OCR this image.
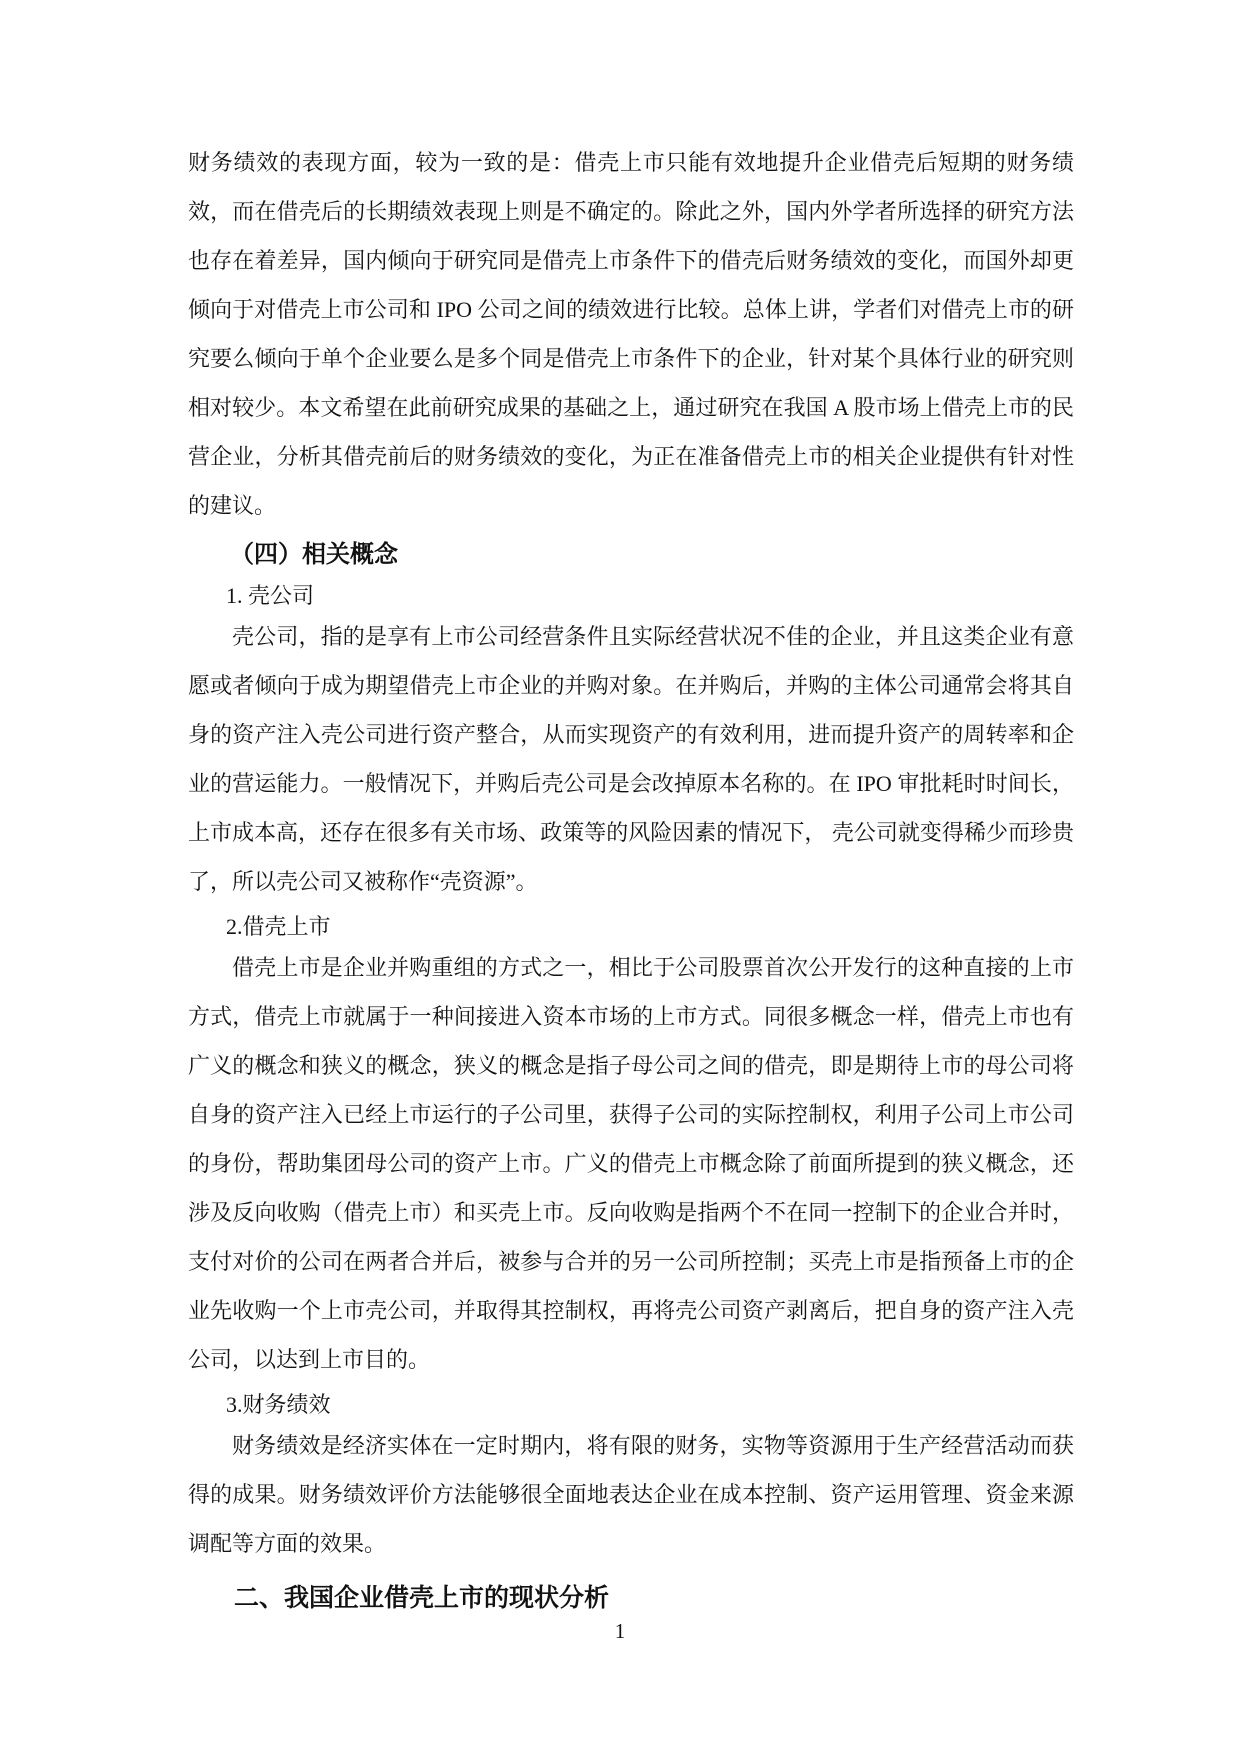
财务绩效的表现方面，较为一致的是：借壳上市只能有效地提升企业借壳后短期的财务绩效，而在借壳后的长期绩效表现上则是不确定的。除此之外，国内外学者所选择的研究方法也存在着差异，国内倾向于研究同是借壳上市条件下的借壳后财务绩效的变化，而国外却更倾向于对借壳上市公司和 IPO 公司之间的绩效进行比较。总体上讲，学者们对借壳上市的研究要么倾向于单个企业要么是多个同是借壳上市条件下的企业，针对某个具体行业的研究则相对较少。本文希望在此前研究成果的基础之上，通过研究在我国 A 股市场上借壳上市的民营企业，分析其借壳前后的财务绩效的变化，为正在准备借壳上市的相关企业提供有针对性的建议。

（四）相关概念
1. 壳公司

壳公司，指的是享有上市公司经营条件且实际经营状况不佳的企业，并且这类企业有意愿或者倾向于成为期望借壳上市企业的并购对象。在并购后，并购的主体公司通常会将其自身的资产注入壳公司进行资产整合，从而实现资产的有效利用，进而提升资产的周转率和企业的营运能力。一般情况下，并购后壳公司是会改掉原本名称的。在 IPO 审批耗时时间长，上市成本高，还存在很多有关市场、政策等的风险因素的情况下， 壳公司就变得稀少而珍贵了，所以壳公司又被称作“壳资源”。

2.借壳上市

借壳上市是企业并购重组的方式之一，相比于公司股票首次公开发行的这种直接的上市方式，借壳上市就属于一种间接进入资本市场的上市方式。同很多概念一样，借壳上市也有广义的概念和狭义的概念，狭义的概念是指子母公司之间的借壳，即是期待上市的母公司将自身的资产注入已经上市运行的子公司里，获得子公司的实际控制权，利用子公司上市公司的身份，帮助集团母公司的资产上市。广义的借壳上市概念除了前面所提到的狭义概念，还涉及反向收购（借壳上市）和买壳上市。反向收购是指两个不在同一控制下的企业合并时，支付对价的公司在两者合并后，被参与合并的另一公司所控制；买壳上市是指预备上市的企业先收购一个上市壳公司，并取得其控制权，再将壳公司资产剥离后，把自身的资产注入壳公司，以达到上市目的。

3.财务绩效

财务绩效是经济实体在一定时期内，将有限的财务，实物等资源用于生产经营活动而获得的成果。财务绩效评价方法能够很全面地表达企业在成本控制、资产运用管理、资金来源调配等方面的效果。

二、我国企业借壳上市的现状分析
1
